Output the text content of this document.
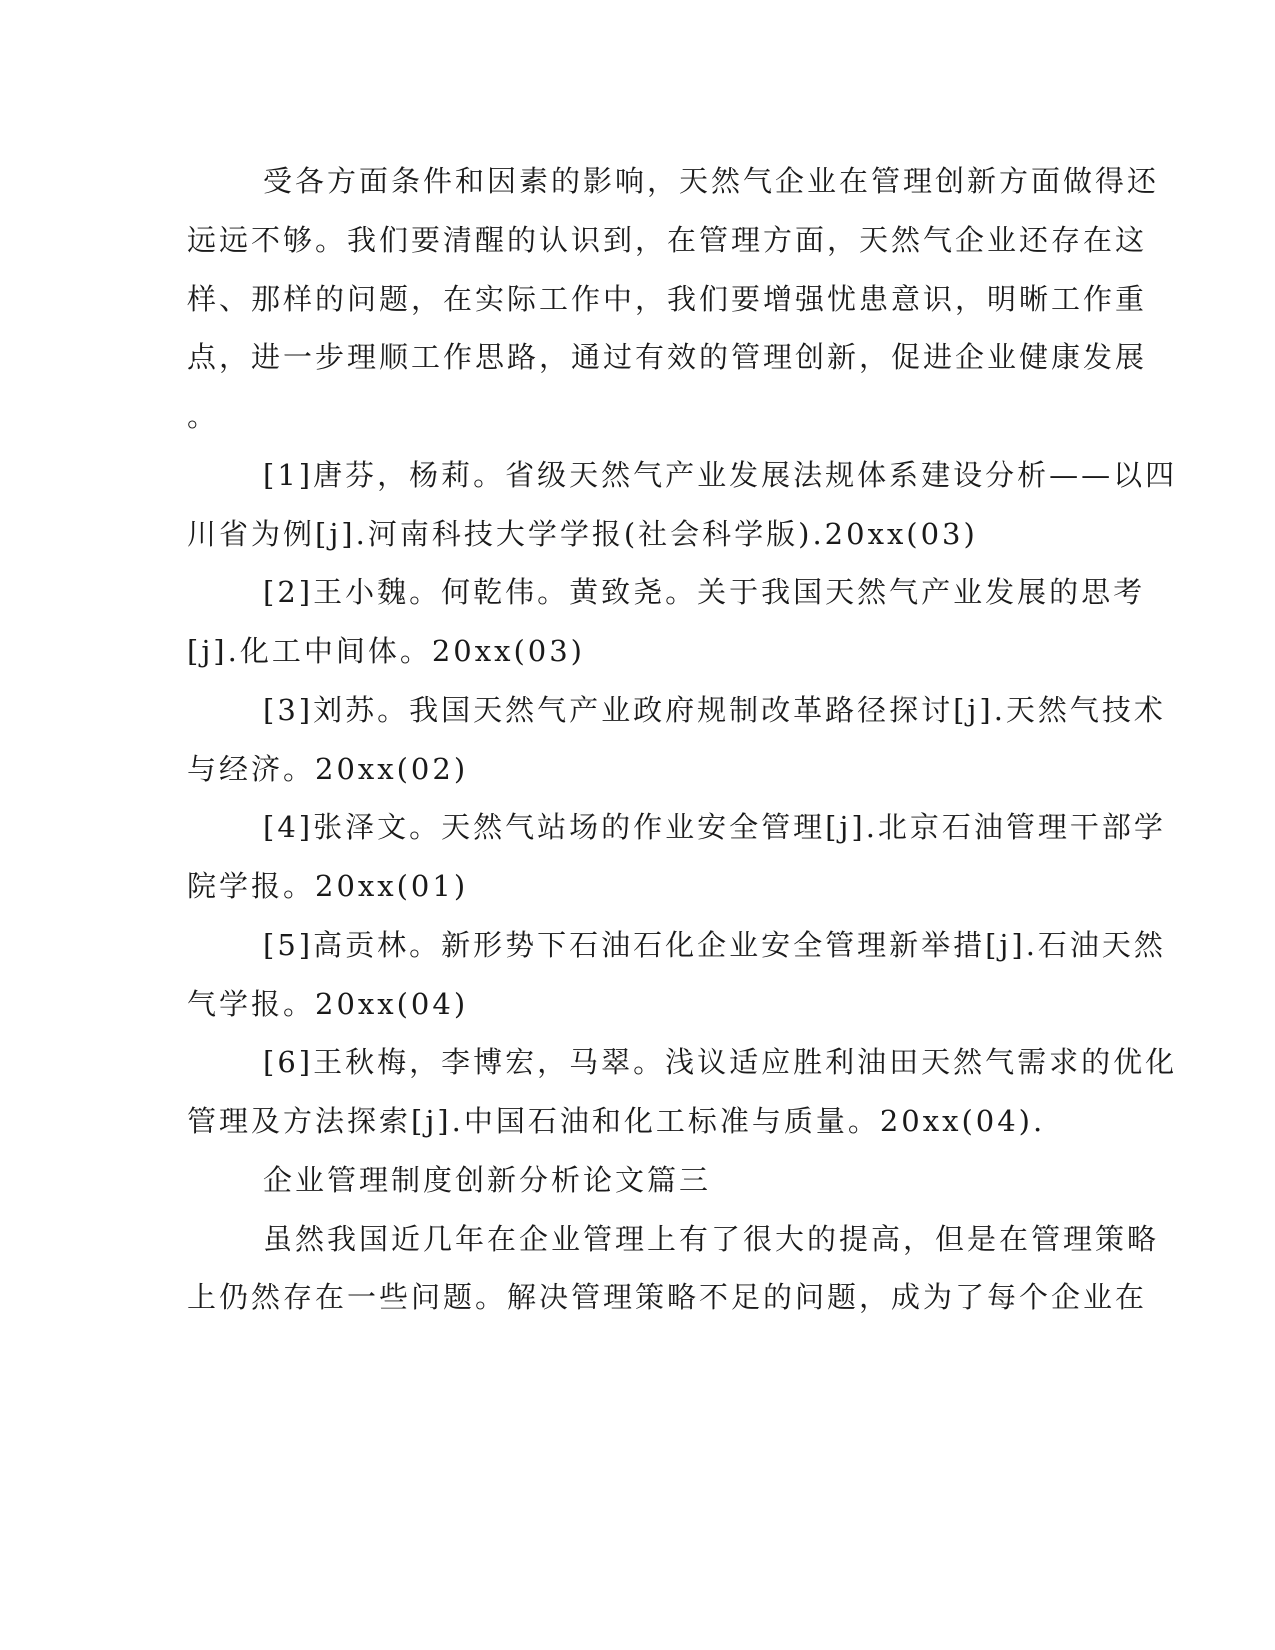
受各方面条件和因素的影响，天然气企业在管理创新方面做得还
远远不够。我们要清醒的认识到，在管理方面，天然气企业还存在这
样、那样的问题，在实际工作中，我们要增强忧患意识，明晰工作重
点，进一步理顺工作思路，通过有效的管理创新，促进企业健康发展
。
[1]唐芬，杨莉。省级天然气产业发展法规体系建设分析——以四
川省为例[j].河南科技大学学报(社会科学版).20xx(03)
[2]王小魏。何乾伟。黄致尧。关于我国天然气产业发展的思考
[j].化工中间体。20xx(03)
[3]刘苏。我国天然气产业政府规制改革路径探讨[j].天然气技术
与经济。20xx(02)
[4]张泽文。天然气站场的作业安全管理[j].北京石油管理干部学
院学报。20xx(01)
[5]高贡林。新形势下石油石化企业安全管理新举措[j].石油天然
气学报。20xx(04)
[6]王秋梅，李博宏，马翠。浅议适应胜利油田天然气需求的优化
管理及方法探索[j].中国石油和化工标准与质量。20xx(04).
企业管理制度创新分析论文篇三
虽然我国近几年在企业管理上有了很大的提高，但是在管理策略
上仍然存在一些问题。解决管理策略不足的问题，成为了每个企业在
